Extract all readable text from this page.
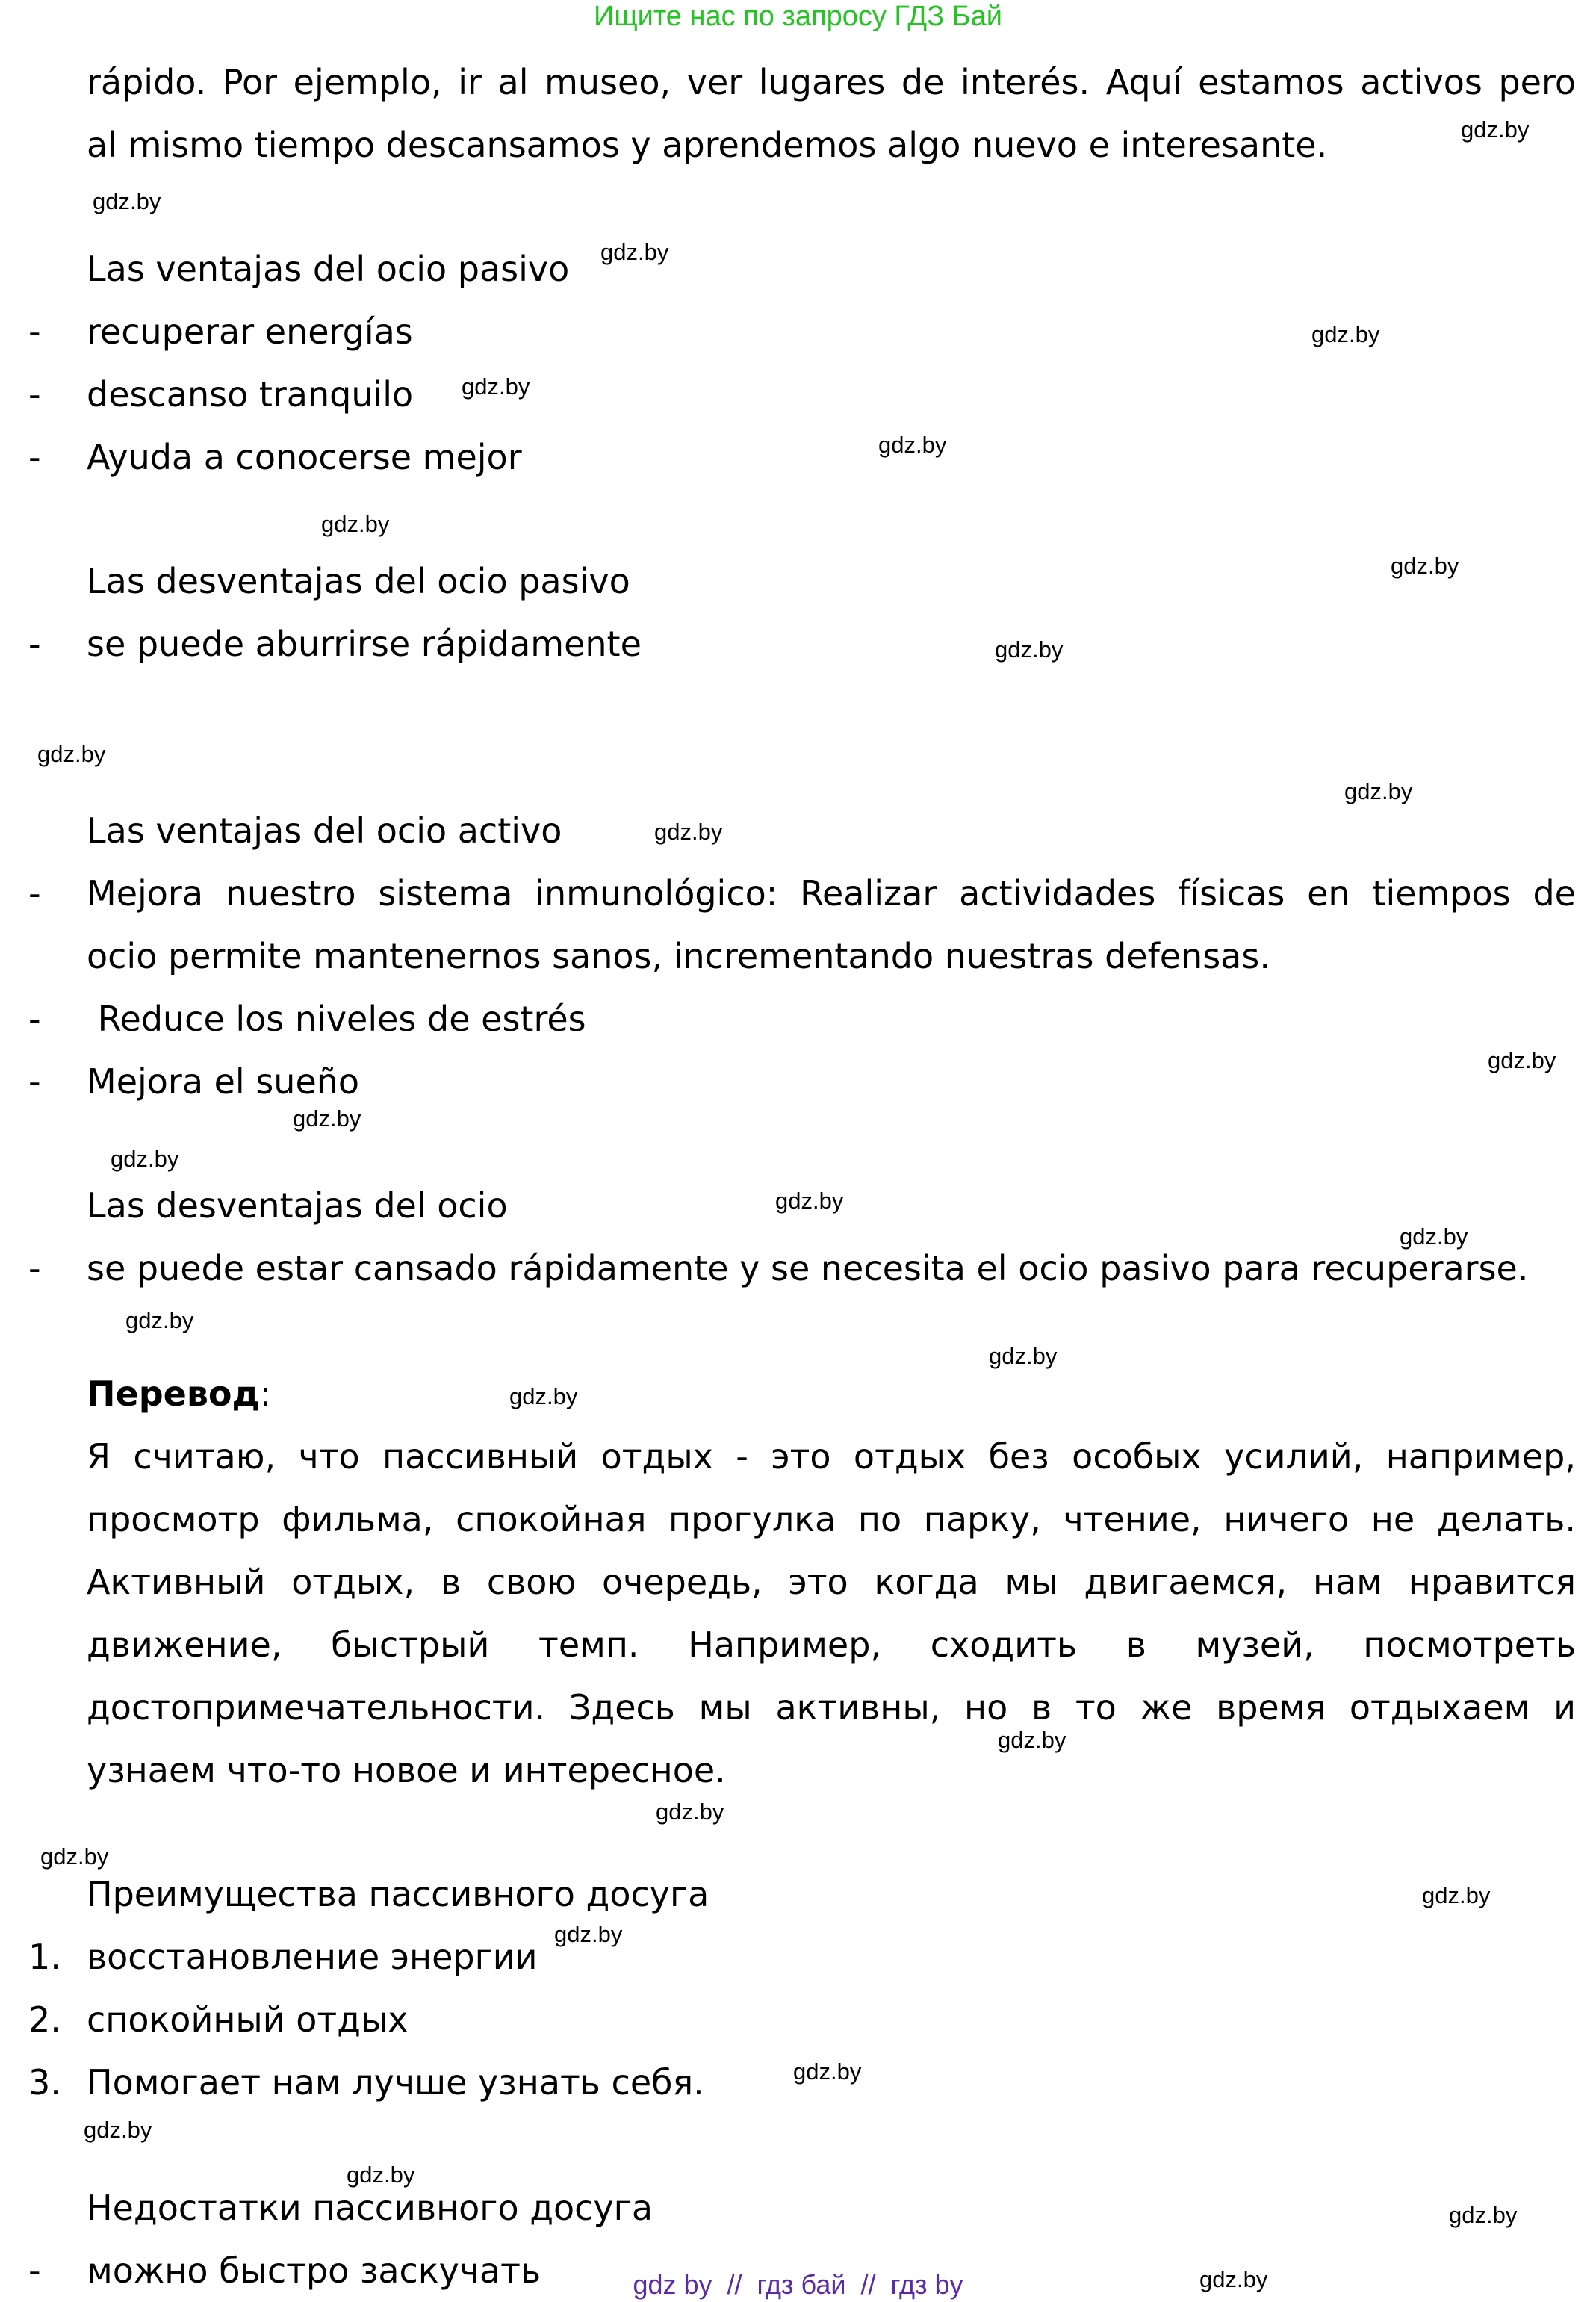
Ищите нас по запросу ГДЗ Бай
rápido. Por ejemplo, ir al museo, ver lugares de interés. Aquí estamos activos pero
al mismo tiempo descansamos y aprendemos algo nuevo e interesante.
Las ventajas del ocio pasivo
- recuperar energías
- descanso tranquilo
- Ayuda a conocerse mejor
Las desventajas del ocio pasivo
- se puede aburrirse rápidamente
Las ventajas del ocio activo
- Mejora nuestro sistema inmunológico: Realizar actividades físicas en tiempos de
ocio permite mantenernos sanos, incrementando nuestras defensas.
- Reduce los niveles de estrés
- Mejora el sueño
Las desventajas del ocio
- se puede estar cansado rápidamente y se necesita el ocio pasivo para recuperarse.
Перевод:
Я считаю, что пассивный отдых - это отдых без особых усилий, например,
просмотр фильма, спокойная прогулка по парку, чтение, ничего не делать.
Активный отдых, в свою очередь, это когда мы двигаемся, нам нравится
движение, быстрый темп. Например, сходить в музей, посмотреть
достопримечательности. Здесь мы активны, но в то же время отдыхаем и
узнаем что-то новое и интересное.
Преимущества пассивного досуга
1. восстановление энергии
2. спокойный отдых
3. Помогает нам лучше узнать себя.
Недостатки пассивного досуга
- можно быстро заскучать
gdz.by
gdz.by
gdz.by
gdz.by
gdz.by
gdz.by
gdz.by
gdz.by
gdz.by
gdz.by
gdz.by
gdz.by
gdz.by
gdz.by
gdz.by
gdz.by
gdz.by
gdz.by
gdz.by
gdz.by
gdz.by
gdz.by
gdz.by
gdz.by
gdz.by
gdz.by
gdz.by
gdz.by
gdz.by
gdz.by
gdz by  //  гдз бай  //  гдз by
